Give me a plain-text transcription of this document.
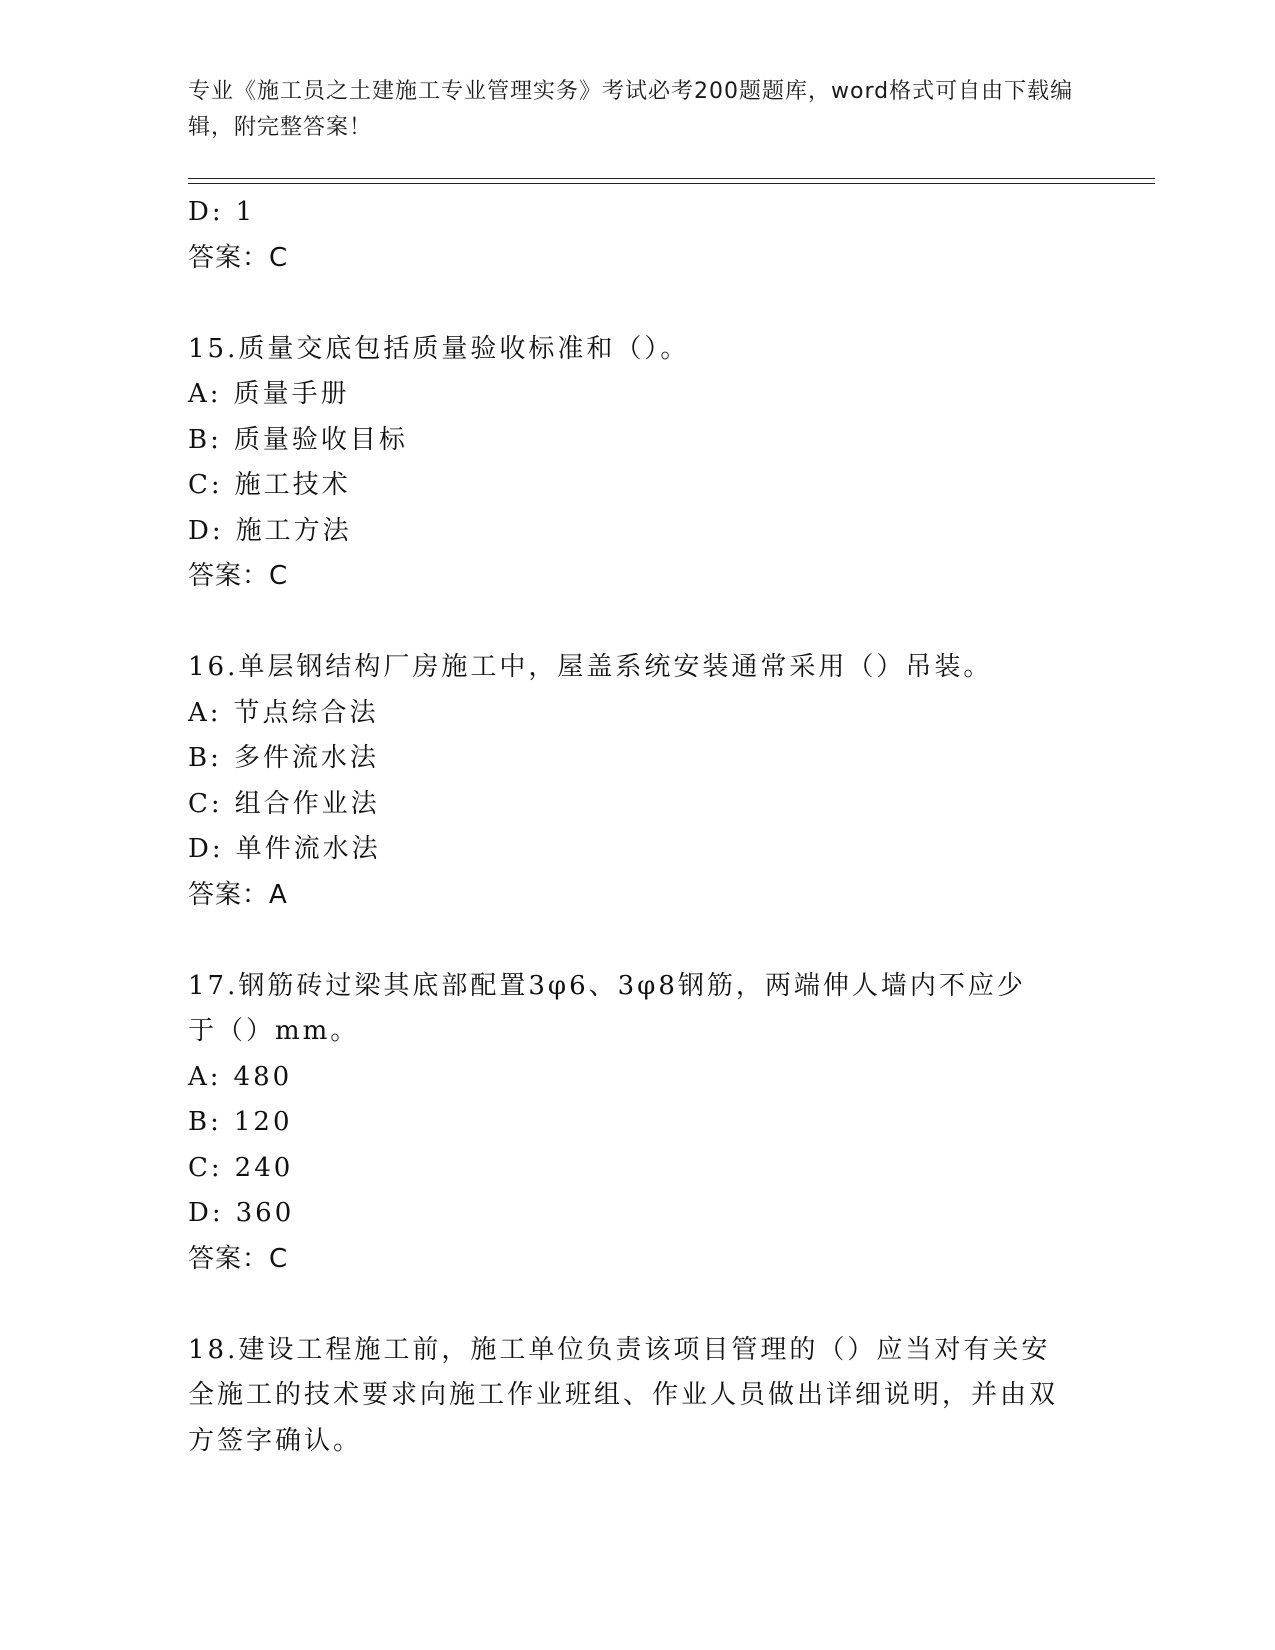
专业《施工员之土建施工专业管理实务》考试必考200题题库，word格式可自由下载编辑，附完整答案！
D: 1
答案：C
15.质量交底包括质量验收标准和（）。
A: 质量手册
B: 质量验收目标
C: 施工技术
D: 施工方法
答案：C
16.单层钢结构厂房施工中，屋盖系统安装通常采用（）吊装。
A: 节点综合法
B: 多件流水法
C: 组合作业法
D: 单件流水法
答案：A
17.钢筋砖过梁其底部配置3φ6、3φ8钢筋，两端伸人墙内不应少于（）mm。
A: 480
B: 120
C: 240
D: 360
答案：C
18.建设工程施工前，施工单位负责该项目管理的（）应当对有关安全施工的技术要求向施工作业班组、作业人员做出详细说明，并由双方签字确认。
